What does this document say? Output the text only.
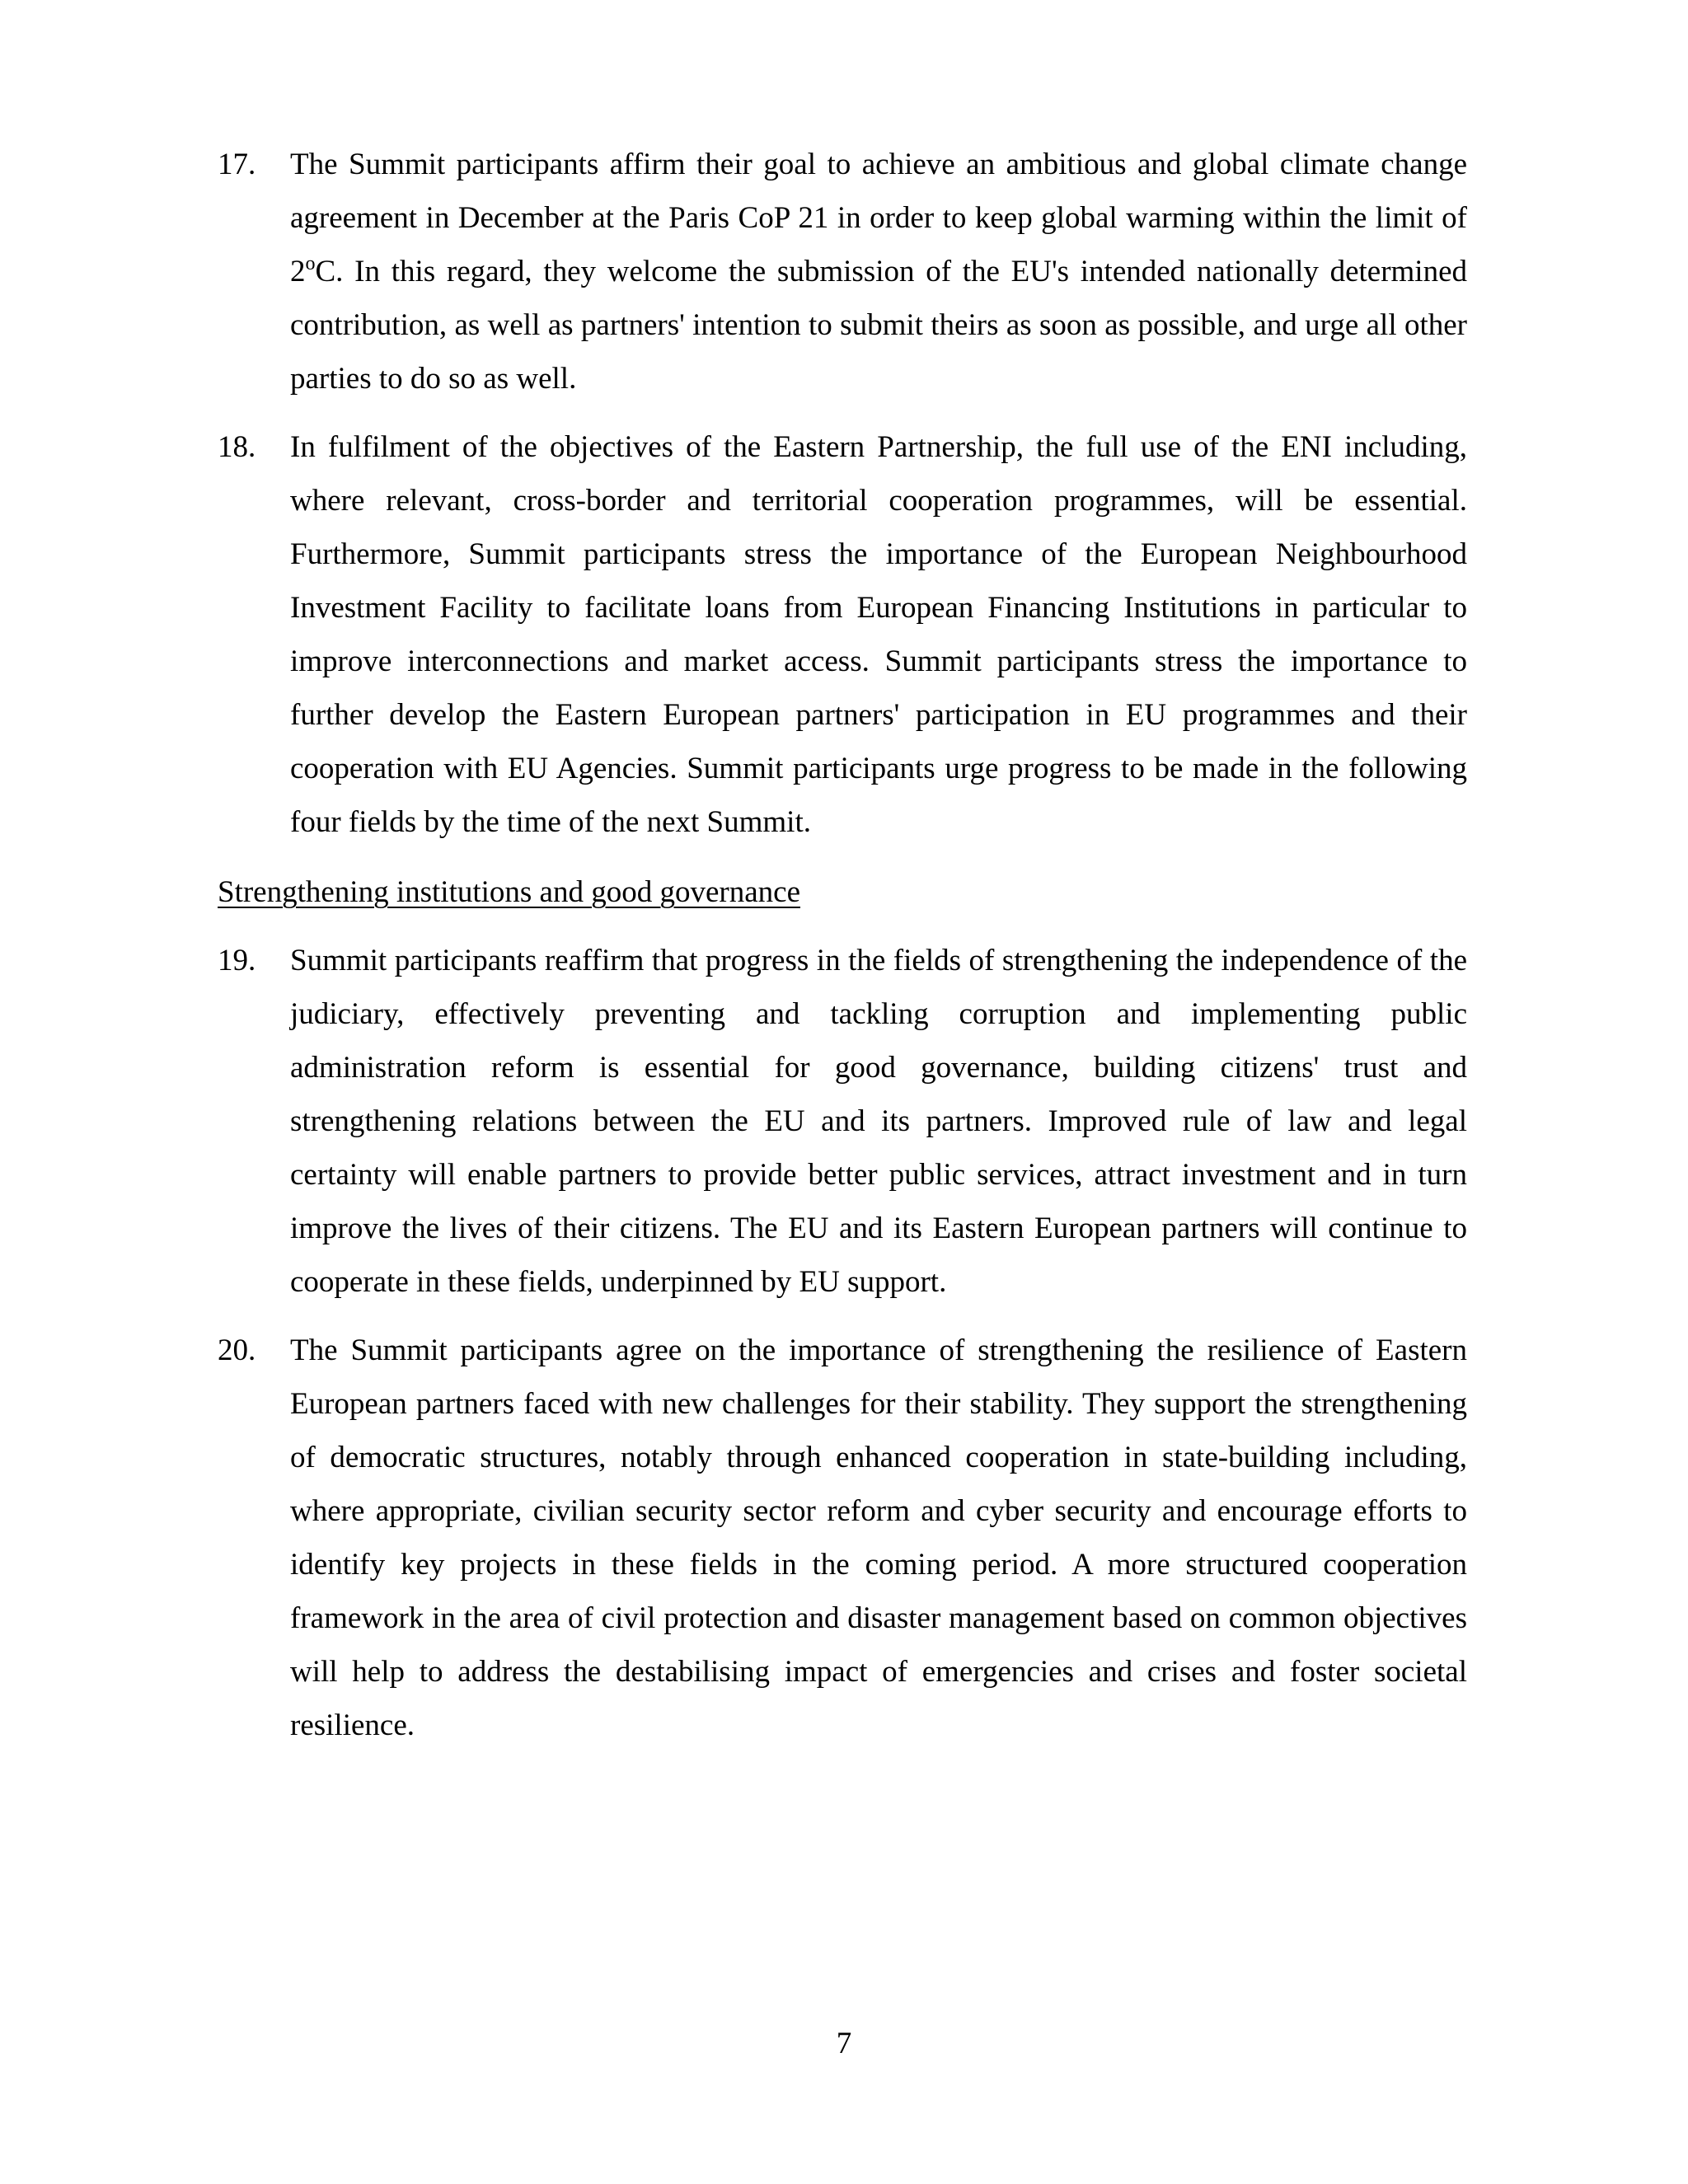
17.	The Summit participants affirm their goal to achieve an ambitious and global climate change agreement in December at the Paris CoP 21 in order to keep global warming within the limit of 2$^o$C. In this regard, they welcome the submission of the EU's intended nationally determined contribution, as well as partners' intention to submit theirs as soon as possible, and urge all other parties to do so as well.
18.	In fulfilment of the objectives of the Eastern Partnership, the full use of the ENI including, where relevant, cross-border and territorial cooperation programmes, will be essential. Furthermore, Summit participants stress the importance of the European Neighbourhood Investment Facility to facilitate loans from European Financing Institutions in particular to improve interconnections and market access. Summit participants stress the importance to further develop the Eastern European partners' participation in EU programmes and their cooperation with EU Agencies. Summit participants urge progress to be made in the following four fields by the time of the next Summit.
Strengthening institutions and good governance
19.	Summit participants reaffirm that progress in the fields of strengthening the independence of the judiciary, effectively preventing and tackling corruption and implementing public administration reform is essential for good governance, building citizens' trust and strengthening relations between the EU and its partners. Improved rule of law and legal certainty will enable partners to provide better public services, attract investment and in turn improve the lives of their citizens. The EU and its Eastern European partners will continue to cooperate in these fields, underpinned by EU support.
20.	The Summit participants agree on the importance of strengthening the resilience of Eastern European partners faced with new challenges for their stability. They support the strengthening of democratic structures, notably through enhanced cooperation in state-building including, where appropriate, civilian security sector reform and cyber security and encourage efforts to identify key projects in these fields in the coming period. A more structured cooperation framework in the area of civil protection and disaster management based on common objectives will help to address the destabilising impact of emergencies and crises and foster societal resilience.
7
